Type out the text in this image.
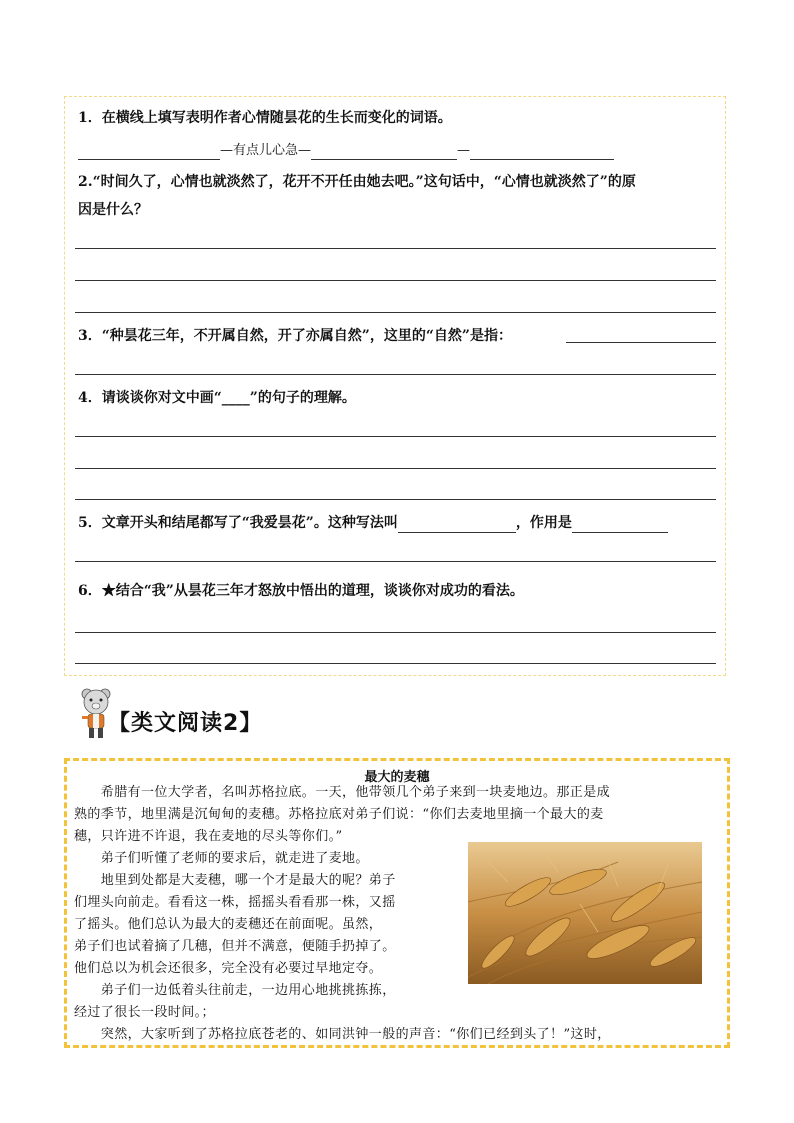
1．在横线上填写表明作者心情随昙花的生长而变化的词语。
—有点儿心急—	—
2.“时间久了，心情也就淡然了，花开不开任由她去吧。”这句话中，“心情也就淡然了”的原
因是什么？
3．“种昙花三年，不开属自然，开了亦属自然”，这里的“自然”是指：
4．请谈谈你对文中画“____”的句子的理解。
5．文章开头和结尾都写了“我爱昙花”。这种写法叫	，作用是
6．★结合“我”从昙花三年才怒放中悟出的道理，谈谈你对成功的看法。
【类文阅读2】
最大的麦穗
　　希腊有一位大学者，名叫苏格拉底。一天，他带领几个弟子来到一块麦地边。那正是成
熟的季节，地里满是沉甸甸的麦穗。苏格拉底对弟子们说：“你们去麦地里摘一个最大的麦
穗，只许进不许退，我在麦地的尽头等你们。”
　　弟子们听懂了老师的要求后，就走进了麦地。
　　地里到处都是大麦穗，哪一个才是最大的呢？弟子
们埋头向前走。看看这一株，摇摇头看看那一株，又摇
了摇头。他们总认为最大的麦穗还在前面呢。虽然，
弟子们也试着摘了几穗，但并不满意，便随手扔掉了。
他们总以为机会还很多，完全没有必要过早地定夺。
　　弟子们一边低着头往前走，一边用心地挑挑拣拣，
经过了很长一段时间。；
　　突然，大家听到了苏格拉底苍老的、如同洪钟一般的声音：“你们已经到头了！”这时，
